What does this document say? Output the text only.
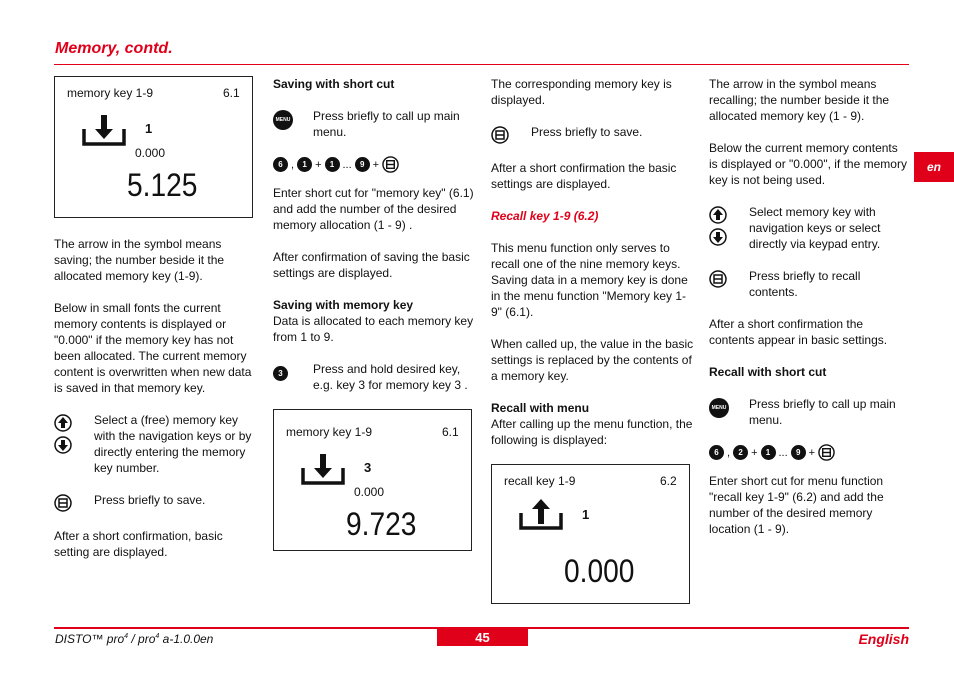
Memory, contd.
en
memory key 1-9	6.1
1
0.000
5.125

The arrow in the symbol means saving; the number beside it the allocated memory key (1-9).

Below in small fonts the current memory contents is displayed or "0.000" if the memory key has not been allocated. The current memory content is overwritten when new data is saved in that memory key.

Select a (free) memory key with the navigation keys or by directly entering the memory key number.
Press briefly to save.

After a short confirmation, basic setting are displayed.

Saving with short cut

MENU Press briefly to call up main menu.
6 ,	1 +	1 ...	9 +

Enter short cut for "memory key" (6.1) and add the number of the desired memory allocation (1 - 9) .

After confirmation of saving the basic settings are displayed.

Saving with memory key

Data is allocated to each memory key from 1 to 9.

3	Press and hold desired key, e.g. key 3 for memory key 3 .
memory key 1-9	6.1
3
0.000
9.723

The corresponding memory key is displayed.

Press briefly to save.

After a short confirmation the basic settings are displayed.

Recall key 1-9 (6.2)

This menu function only serves to recall one of the nine memory keys. Saving data in a memory key is done in the menu function "Memory key 1-9" (6.1).

When called up, the value in the basic settings is replaced by the contents of a memory key.

Recall with menu

After calling up the menu function, the following is displayed:

recall key 1-9	6.2
1
0.000

The arrow in the symbol means recalling; the number beside it the allocated memory key (1 - 9).

Below the current memory contents is displayed or "0.000", if the memory key is not being used.

Select memory key with navigation keys or select directly via keypad entry.
Press briefly to recall contents.

After a short confirmation the contents appear in basic settings.

Recall with short cut

MENU Press briefly to call up main menu.
6 ,	2 +	1 ...	9 +

Enter short cut for menu function "recall key 1-9" (6.2) and add the number of the desired memory location (1 - 9).

DISTO™ pro$^4$ / pro$^4$ a-1.0.0en	45	English
